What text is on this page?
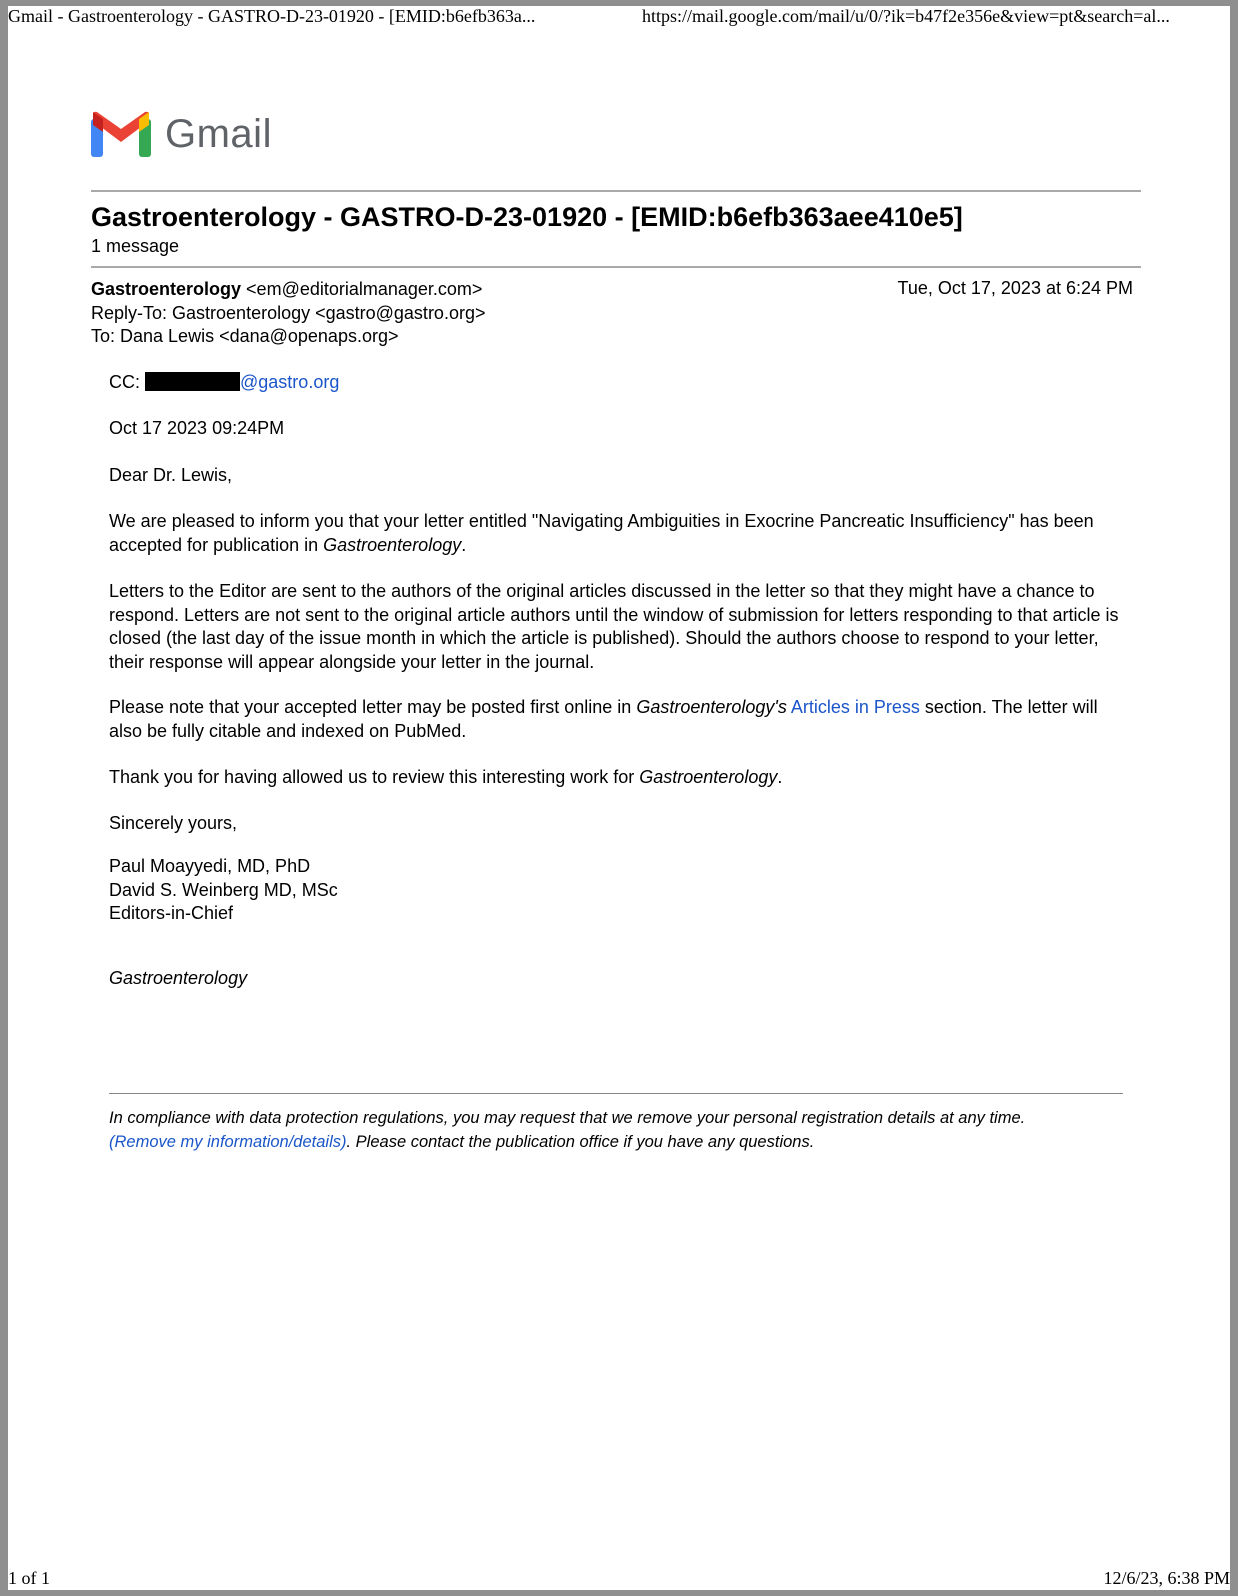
Gmail - Gastroenterology - GASTRO-D-23-01920 - [EMID:b6efb363a...	https://mail.google.com/mail/u/0/?ik=b47f2e356e&view=pt&search=al...
Gmail
Gastroenterology - GASTRO-D-23-01920 - [EMID:b6efb363aee410e5]
1 message
Gastroenterology <em@editorialmanager.com>
Reply-To: Gastroenterology <gastro@gastro.org>
To: Dana Lewis <dana@openaps.org>
Tue, Oct 17, 2023 at 6:24 PM
CC:	@gastro.org
Oct 17 2023 09:24PM
Dear Dr. Lewis,
We are pleased to inform you that your letter entitled "Navigating Ambiguities in Exocrine Pancreatic Insufficiency" has been accepted for publication in Gastroenterology.
Letters to the Editor are sent to the authors of the original articles discussed in the letter so that they might have a chance to respond. Letters are not sent to the original article authors until the window of submission for letters responding to that article is closed (the last day of the issue month in which the article is published). Should the authors choose to respond to your letter, their response will appear alongside your letter in the journal.
Please note that your accepted letter may be posted first online in Gastroenterology's Articles in Press section. The letter will also be fully citable and indexed on PubMed.
Thank you for having allowed us to review this interesting work for Gastroenterology.
Sincerely yours,

Paul Moayyedi, MD, PhD

David S. Weinberg MD, MSc

Editors-in-Chief

Gastroenterology
In compliance with data protection regulations, you may request that we remove your personal registration details at any time.
(Remove my information/details). Please contact the publication office if you have any questions.
1 of 1	12/6/23, 6:38 PM
